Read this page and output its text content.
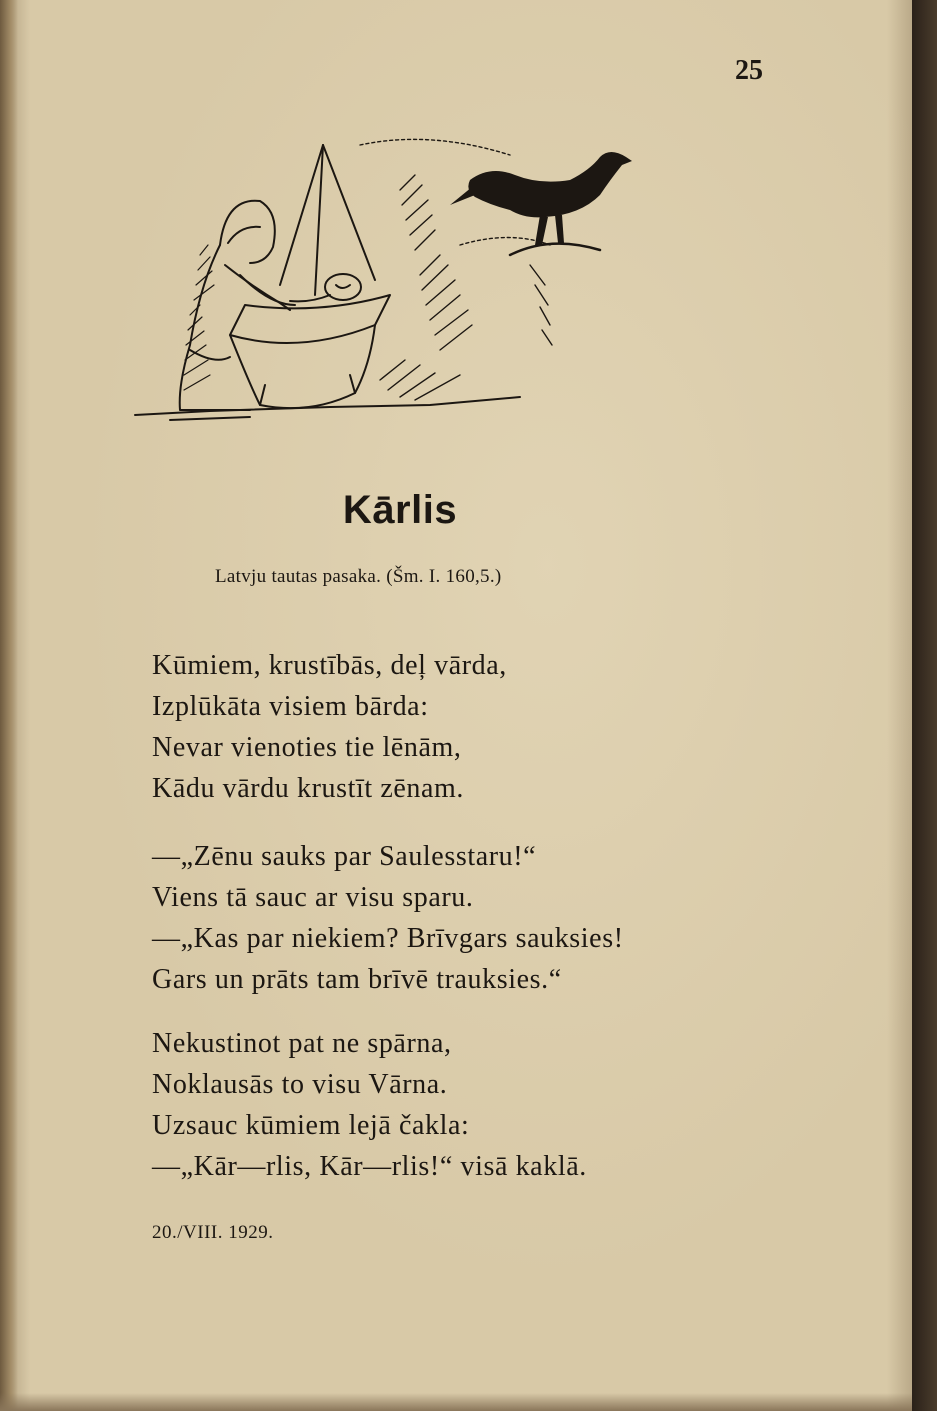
25
Kārlis
Latvju tautas pasaka. (Šm. I. 160,5.)
Kūmiem, krustībās, deļ vārda,
Izplūkāta visiem bārda:
Nevar vienoties tie lēnām,
Kādu vārdu krustīt zēnam.
—„Zēnu sauks par Saulesstaru!“
Viens tā sauc ar visu sparu.
—„Kas par niekiem? Brīvgars sauksies!
Gars un prāts tam brīvē trauksies.“
Nekustinot pat ne spārna,
Noklausās to visu Vārna.
Uzsauc kūmiem lejā čakla:
—„Kār—rlis, Kār—rlis!“ visā kaklā.
20./VIII. 1929.
